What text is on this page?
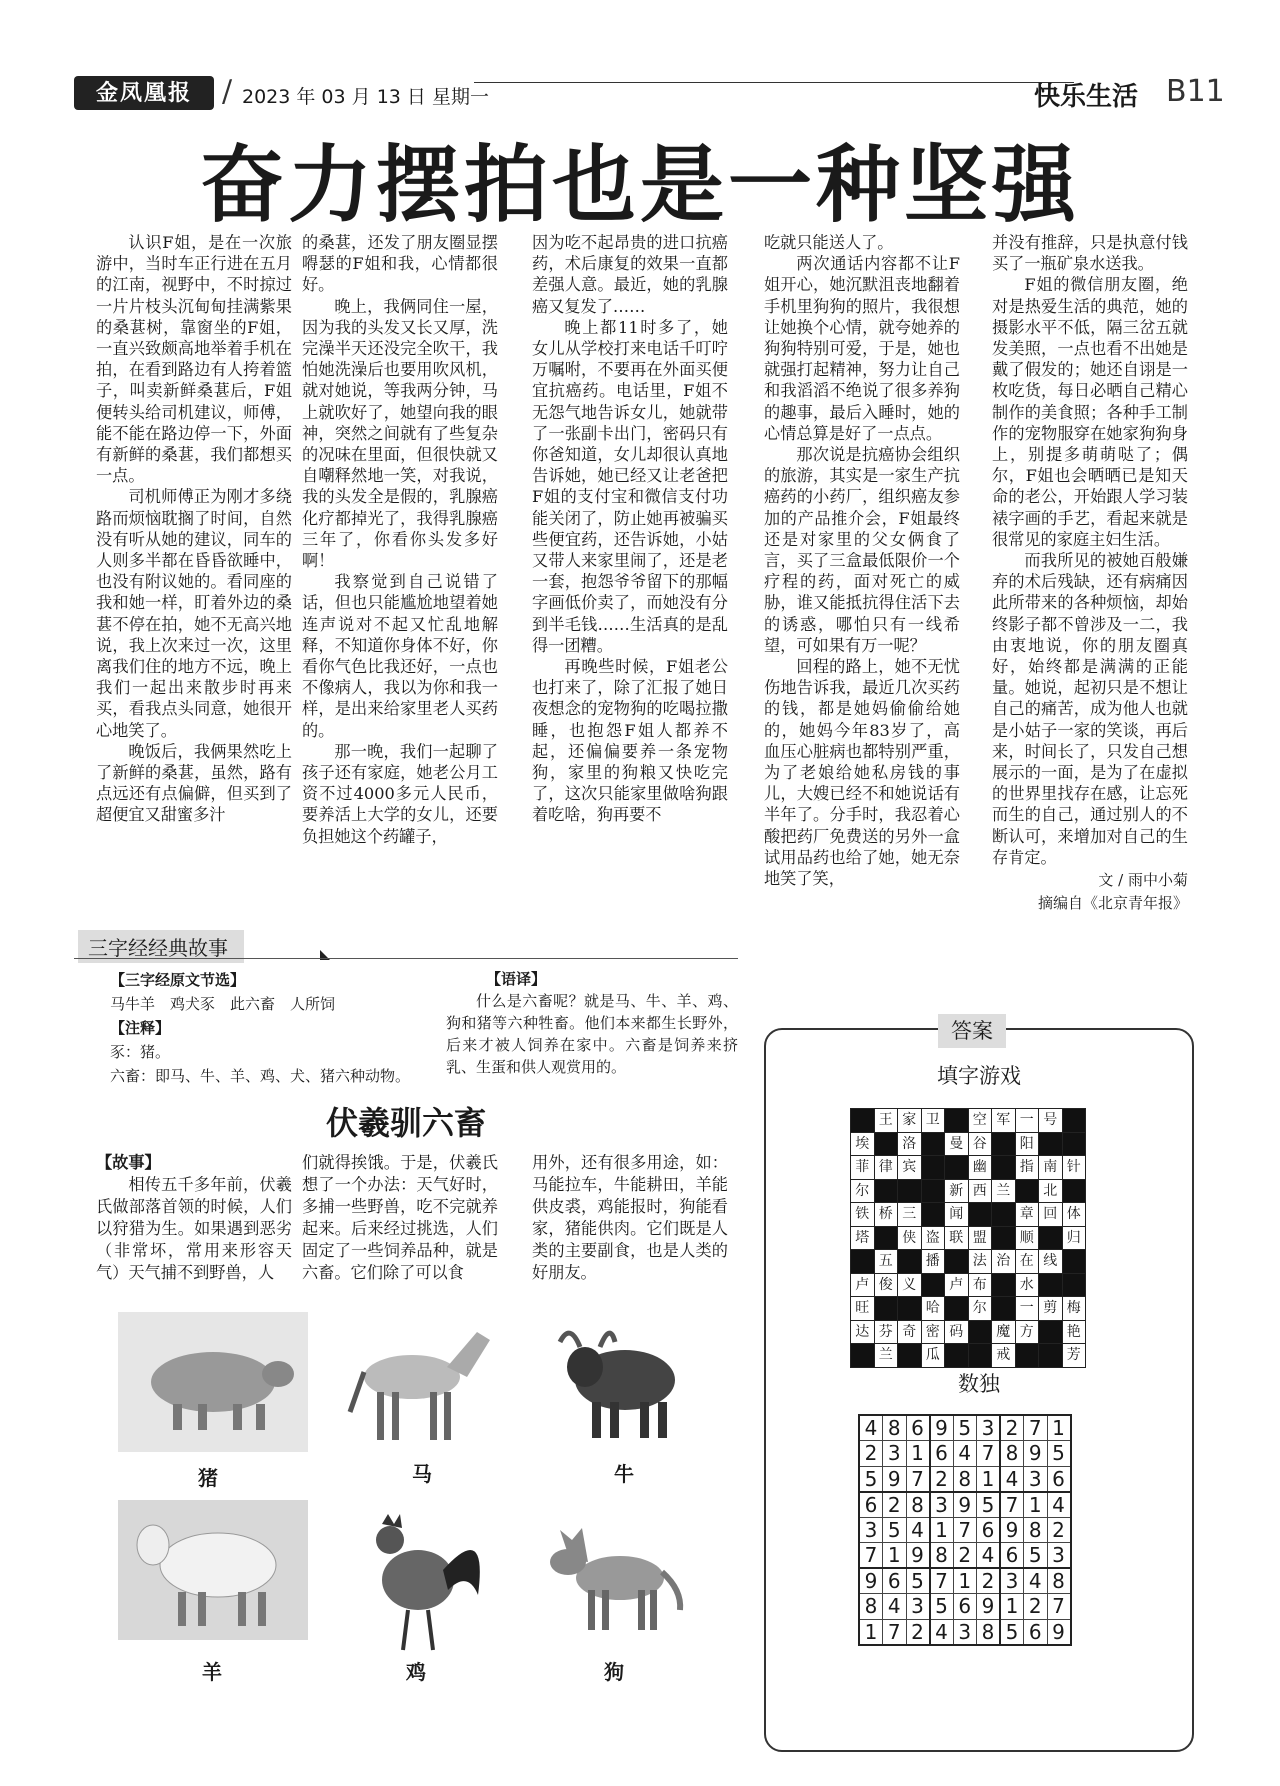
金凤凰报	/ 2023 年 03 月 13 日 星期一	快乐生活 B11
奋力摆拍也是一种坚强

认识F姐，是在一次旅游中，当时车正行进在五月的江南，视野中，不时掠过一片片枝头沉甸甸挂满紫果的桑葚树，靠窗坐的F姐，一直兴致颇高地举着手机在拍，在看到路边有人挎着篮子，叫卖新鲜桑葚后，F姐便转头给司机建议，师傅，能不能在路边停一下，外面有新鲜的桑葚，我们都想买一点。

司机师傅正为刚才多绕路而烦恼耽搁了时间，自然没有听从她的建议，同车的人则多半都在昏昏欲睡中，也没有附议她的。看同座的我和她一样，盯着外边的桑葚不停在拍，她不无高兴地说，我上次来过一次，这里离我们住的地方不远，晚上我们一起出来散步时再来买，看我点头同意，她很开心地笑了。

晚饭后，我俩果然吃上了新鲜的桑葚，虽然，路有点远还有点偏僻，但买到了超便宜又甜蜜多汁

的桑葚，还发了朋友圈显摆嘚瑟的F姐和我，心情都很好。

晚上，我俩同住一屋，因为我的头发又长又厚，洗完澡半天还没完全吹干，我怕她洗澡后也要用吹风机，就对她说，等我两分钟，马上就吹好了，她望向我的眼神，突然之间就有了些复杂的况味在里面，但很快就又自嘲释然地一笑，对我说，我的头发全是假的，乳腺癌化疗都掉光了，我得乳腺癌三年了，你看你头发多好啊！

我察觉到自己说错了话，但也只能尴尬地望着她连声说对不起又忙乱地解释，不知道你身体不好，你看你气色比我还好，一点也不像病人，我以为你和我一样，是出来给家里老人买药的。

那一晚，我们一起聊了孩子还有家庭，她老公月工资不过4000多元人民币，要养活上大学的女儿，还要负担她这个药罐子，

因为吃不起昂贵的进口抗癌药，术后康复的效果一直都差强人意。最近，她的乳腺癌又复发了……

晚上都11时多了，她女儿从学校打来电话千叮咛万嘱咐，不要再在外面买便宜抗癌药。电话里，F姐不无怨气地告诉女儿，她就带了一张副卡出门，密码只有你爸知道，女儿却很认真地告诉她，她已经又让老爸把F姐的支付宝和微信支付功能关闭了，防止她再被骗买些便宜药，还告诉她，小姑又带人来家里闹了，还是老一套，抱怨爷爷留下的那幅字画低价卖了，而她没有分到半毛钱……生活真的是乱得一团糟。

再晚些时候，F姐老公也打来了，除了汇报了她日夜想念的宠物狗的吃喝拉撒睡，也抱怨F姐人都养不起，还偏偏要养一条宠物狗，家里的狗粮又快吃完了，这次只能家里做啥狗跟着吃啥，狗再要不

吃就只能送人了。

两次通话内容都不让F姐开心，她沉默沮丧地翻着手机里狗狗的照片，我很想让她换个心情，就夸她养的狗狗特别可爱，于是，她也就强打起精神，努力让自己和我滔滔不绝说了很多养狗的趣事，最后入睡时，她的心情总算是好了一点点。

那次说是抗癌协会组织的旅游，其实是一家生产抗癌药的小药厂，组织癌友参加的产品推介会，F姐最终还是对家里的父女俩食了言，买了三盒最低限价一个疗程的药，面对死亡的威胁，谁又能抵抗得住活下去的诱惑，哪怕只有一线希望，可如果有万一呢？

回程的路上，她不无忧伤地告诉我，最近几次买药的钱，都是她妈偷偷给她的，她妈今年83岁了，高血压心脏病也都特别严重，为了老娘给她私房钱的事儿，大嫂已经不和她说话有半年了。分手时，我忍着心酸把药厂免费送的另外一盒试用品药也给了她，她无奈地笑了笑，

并没有推辞，只是执意付钱买了一瓶矿泉水送我。

F姐的微信朋友圈，绝对是热爱生活的典范，她的摄影水平不低，隔三岔五就发美照，一点也看不出她是戴了假发的；她还自诩是一枚吃货，每日必晒自己精心制作的美食照；各种手工制作的宠物服穿在她家狗狗身上，别提多萌萌哒了；偶尔，F姐也会晒晒已是知天命的老公，开始跟人学习装裱字画的手艺，看起来就是很常见的家庭主妇生活。

而我所见的被她百般嫌弃的术后残缺，还有病痛因此所带来的各种烦恼，却始终影子都不曾涉及一二，我由衷地说，你的朋友圈真好，始终都是满满的正能量。她说，起初只是不想让自己的痛苦，成为他人也就是小姑子一家的笑谈，再后来，时间长了，只发自己想展示的一面，是为了在虚拟的世界里找存在感，让忘死而生的自己，通过别人的不断认可，来增加对自己的生存肯定。

文 / 雨中小菊
摘编自《北京青年报》
三字经经典故事
【三字经原文节选】
马牛羊　鸡犬豕　此六畜　人所饲
【注释】
豕：猪。
六畜：即马、牛、羊、鸡、犬、猪六种动物。
【语译】

什么是六畜呢？就是马、牛、羊、鸡、狗和猪等六种牲畜。他们本来都生长野外，后来才被人饲养在家中。六畜是饲养来挤乳、生蛋和供人观赏用的。

伏羲驯六畜

【故事】

相传五千多年前，伏羲氏做部落首领的时候，人们以狩猎为生。如果遇到恶劣（非常坏，常用来形容天气）天气捕不到野兽，人

们就得挨饿。于是，伏羲氏想了一个办法：天气好时，多捕一些野兽，吃不完就养起来。后来经过挑选，人们固定了一些饲养品种，就是六畜。它们除了可以食

用外，还有很多用途，如：马能拉车，牛能耕田，羊能供皮裘，鸡能报时，狗能看家，猪能供肉。它们既是人类的主要副食，也是人类的好朋友。

猪	马	牛
羊	鸡	狗
答案
填字游戏
	王	家	卫		空	军	一	号	
埃		洛		曼	谷		阳		
菲	律	宾			幽		指	南	针
尔				新	西	兰		北	
铁	桥	三		闻			章	回	体
塔		侠	盗	联	盟		顺		归
	五		播		法	治	在	线	
卢	俊	义		卢	布		水		
旺			哈		尔		一	剪	梅
达	芬	奇	密	码		魔	方		艳
	兰		瓜			戒			芳
数独
4	8	6	9	5	3	2	7	1
2	3	1	6	4	7	8	9	5
5	9	7	2	8	1	4	3	6
6	2	8	3	9	5	7	1	4
3	5	4	1	7	6	9	8	2
7	1	9	8	2	4	6	5	3
9	6	5	7	1	2	3	4	8
8	4	3	5	6	9	1	2	7
1	7	2	4	3	8	5	6	9
